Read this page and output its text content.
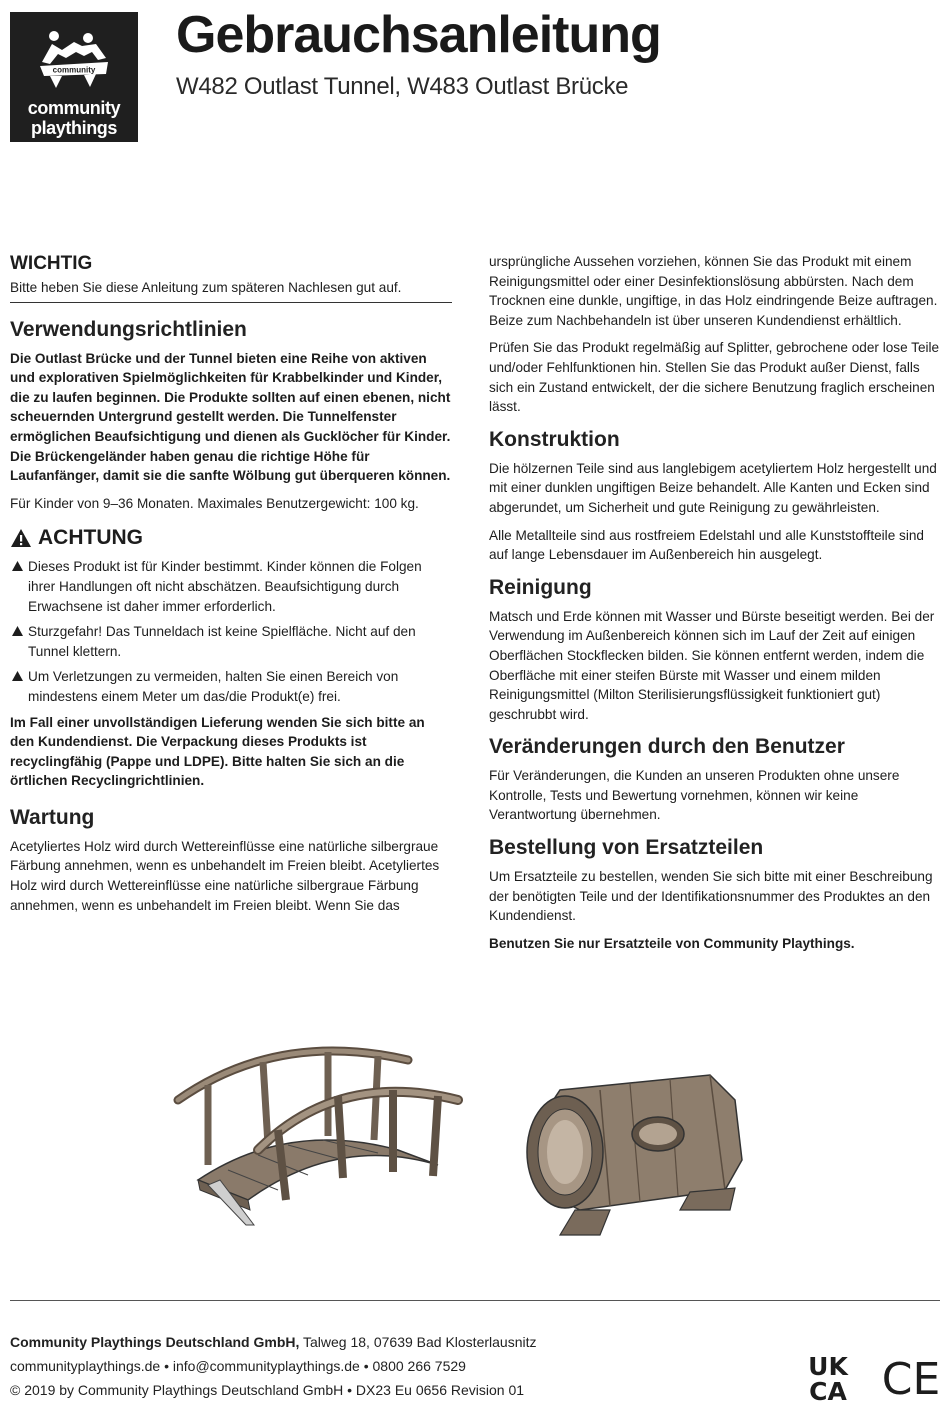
community
community
playthings
Gebrauchsanleitung

W482 Outlast Tunnel, W483 Outlast Brücke

WICHTIG

Bitte heben Sie diese Anleitung zum späteren Nachlesen gut auf.

Verwendungsrichtlinien

Die Outlast Brücke und der Tunnel bieten eine Reihe von aktiven und explorativen Spielmöglichkeiten für Krabbelkinder und Kinder, die zu laufen beginnen. Die Produkte sollten auf einen ebenen, nicht scheuernden Untergrund gestellt werden. Die Tunnelfenster ermöglichen Beaufsichtigung und dienen als Gucklöcher für Kinder. Die Brückengeländer haben genau die richtige Höhe für Laufanfänger, damit sie die sanfte Wölbung gut überqueren können.

Für Kinder von 9–36 Monaten. Maximales Benutzergewicht: 100 kg.

ACHTUNG
Dieses Produkt ist für Kinder bestimmt. Kinder können die Folgen ihrer Handlungen oft nicht abschätzen. Beaufsichtigung durch Erwachsene ist daher immer erforderlich.
Sturzgefahr! Das Tunneldach ist keine Spielfläche. Nicht auf den Tunnel klettern.
Um Verletzungen zu vermeiden, halten Sie einen Bereich von mindestens einem Meter um das/die Produkt(e) frei.

Im Fall einer unvollständigen Lieferung wenden Sie sich bitte an den Kundendienst. Die Verpackung dieses Produkts ist recyclingfähig (Pappe und LDPE). Bitte halten Sie sich an die örtlichen Recyclingrichtlinien.

Wartung

Acetyliertes Holz wird durch Wettereinflüsse eine natürliche silbergraue Färbung annehmen, wenn es unbehandelt im Freien bleibt. Acetyliertes Holz wird durch Wettereinflüsse eine natürliche silbergraue Färbung annehmen, wenn es unbehandelt im Freien bleibt. Wenn Sie das

ursprüngliche Aussehen vorziehen, können Sie das Produkt mit einem Reinigungsmittel oder einer Desinfektionslösung abbürsten. Nach dem Trocknen eine dunkle, ungiftige, in das Holz eindringende Beize auftragen. Beize zum Nachbehandeln ist über unseren Kundendienst erhältlich.

Prüfen Sie das Produkt regelmäßig auf Splitter, gebrochene oder lose Teile und/oder Fehlfunktionen hin. Stellen Sie das Produkt außer Dienst, falls sich ein Zustand entwickelt, der die sichere Benutzung fraglich erscheinen lässt.

Konstruktion

Die hölzernen Teile sind aus langlebigem acetyliertem Holz hergestellt und mit einer dunklen ungiftigen Beize behandelt. Alle Kanten und Ecken sind abgerundet, um Sicherheit und gute Reinigung zu gewährleisten.

Alle Metallteile sind aus rostfreiem Edelstahl und alle Kunststoffteile sind auf lange Lebensdauer im Außenbereich hin ausgelegt.

Reinigung

Matsch und Erde können mit Wasser und Bürste beseitigt werden. Bei der Verwendung im Außenbereich können sich im Lauf der Zeit auf einigen Oberflächen Stockflecken bilden. Sie können entfernt werden, indem die Oberfläche mit einer steifen Bürste mit Wasser und einem milden Reinigungsmittel (Milton Sterilisierungsflüssigkeit funktioniert gut) geschrubbt wird.

Veränderungen durch den Benutzer

Für Veränderungen, die Kunden an unseren Produkten ohne unsere Kontrolle, Tests und Bewertung vornehmen, können wir keine Verantwortung übernehmen.

Bestellung von Ersatzteilen

Um Ersatzteile zu bestellen, wenden Sie sich bitte mit einer Beschreibung der benötigten Teile und der Identifikationsnummer des Produktes an den Kundendienst.

Benutzen Sie nur Ersatzteile von Community Playthings.

Community Playthings Deutschland GmbH, Talweg 18, 07639 Bad Klosterlausnitz
communityplaythings.de • info@communityplaythings.de • 0800 266 7529
© 2019 by Community Playthings Deutschland GmbH • DX23 Eu 0656 Revision 01
UK
CA CE
